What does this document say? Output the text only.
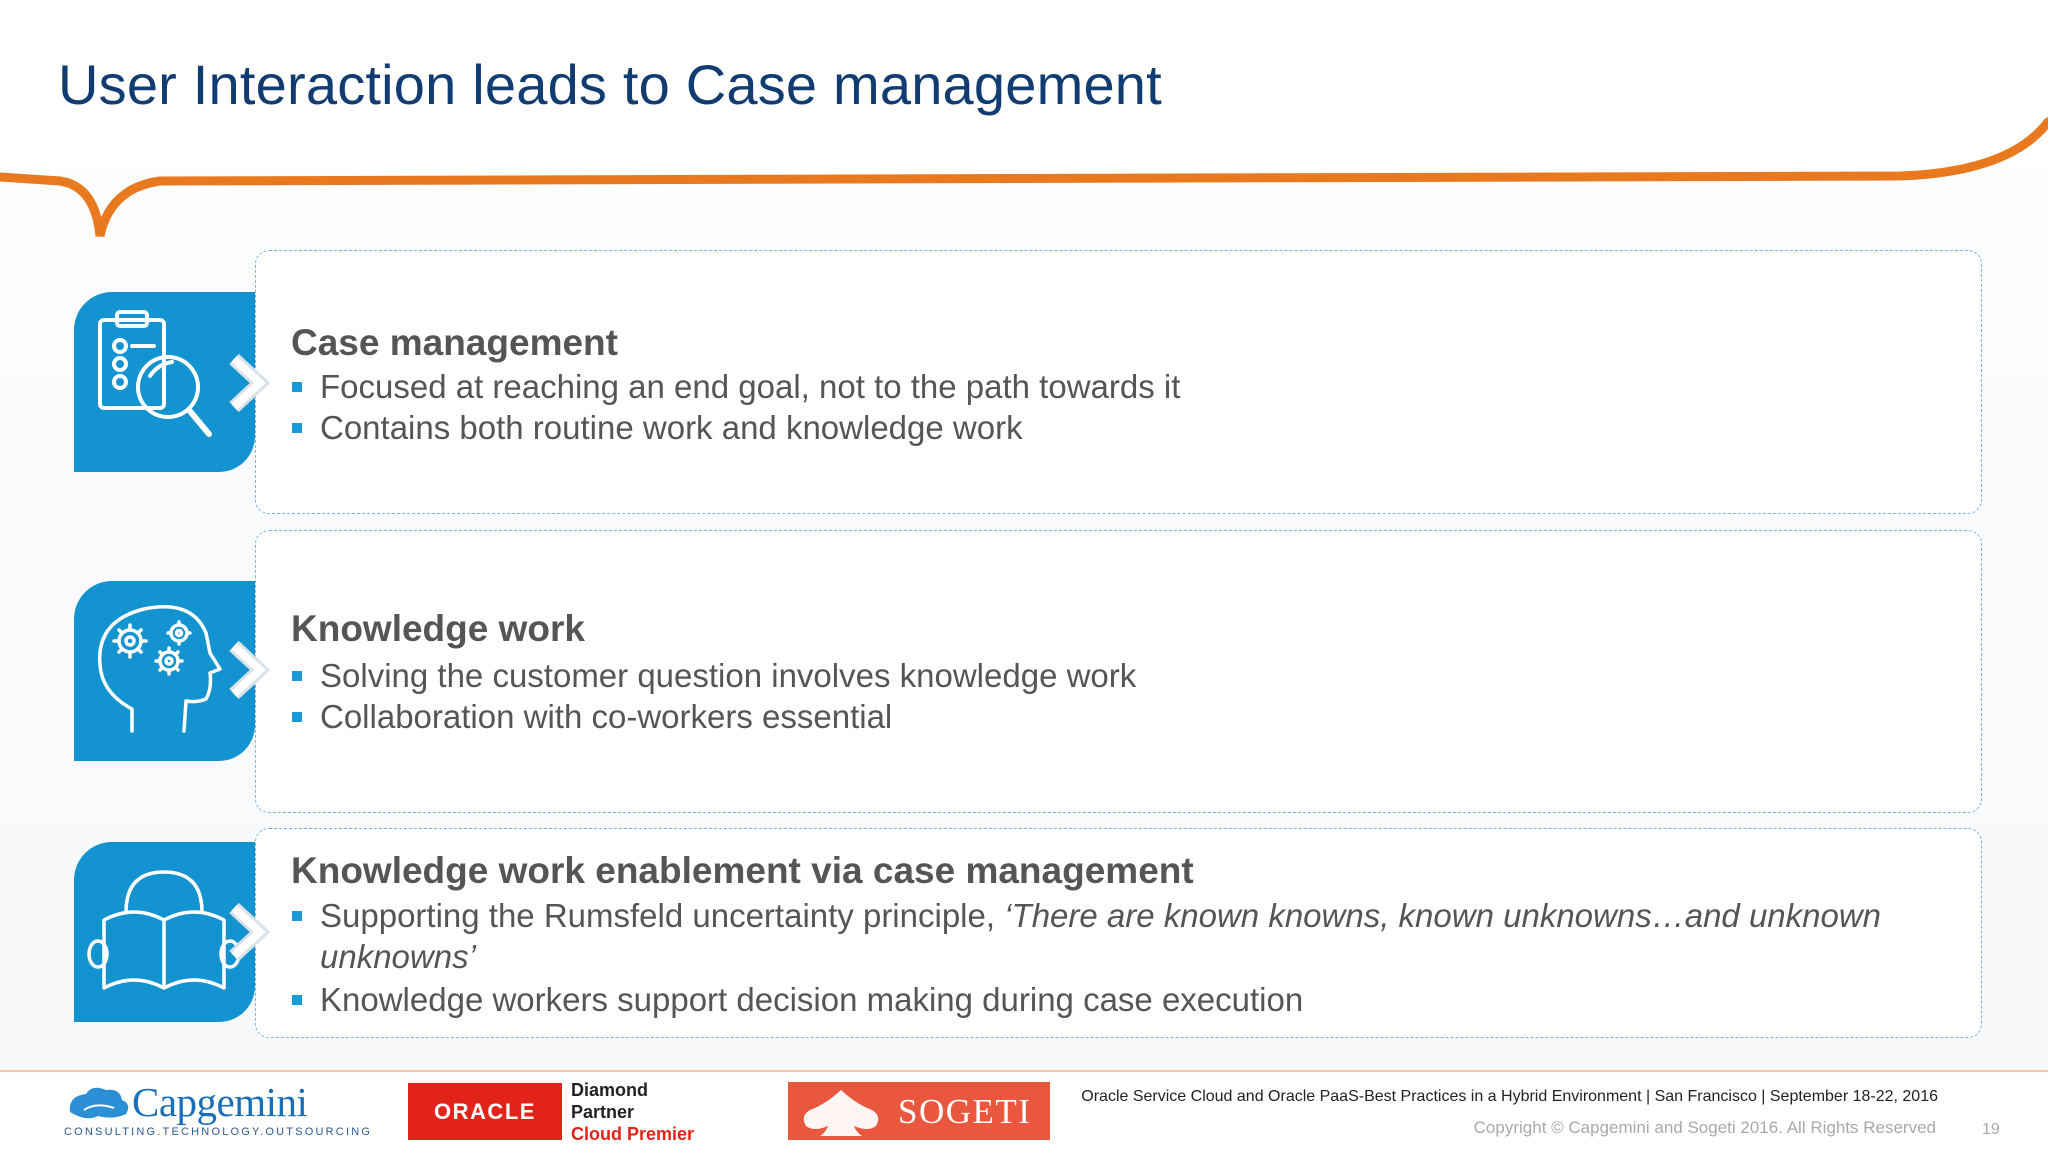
User Interaction leads to Case management
Case management
Focused at reaching an end goal, not to the path towards it
Contains both routine work and knowledge work
Knowledge work
Solving the customer question involves knowledge work
Collaboration with co-workers essential
Knowledge work enablement via case management
Supporting the Rumsfeld uncertainty principle, ‘There are known knowns, known unknowns…and unknown unknowns’
Knowledge workers support decision making during case execution
Capgemini
CONSULTING.TECHNOLOGY.OUTSOURCING
ORACLE
Diamond
Partner
Cloud Premier
SOGETI	Oracle Service Cloud and Oracle PaaS-Best Practices in a Hybrid Environment | San Francisco | September 18-22, 2016
Copyright © Capgemini and Sogeti 2016. All Rights Reserved	19
